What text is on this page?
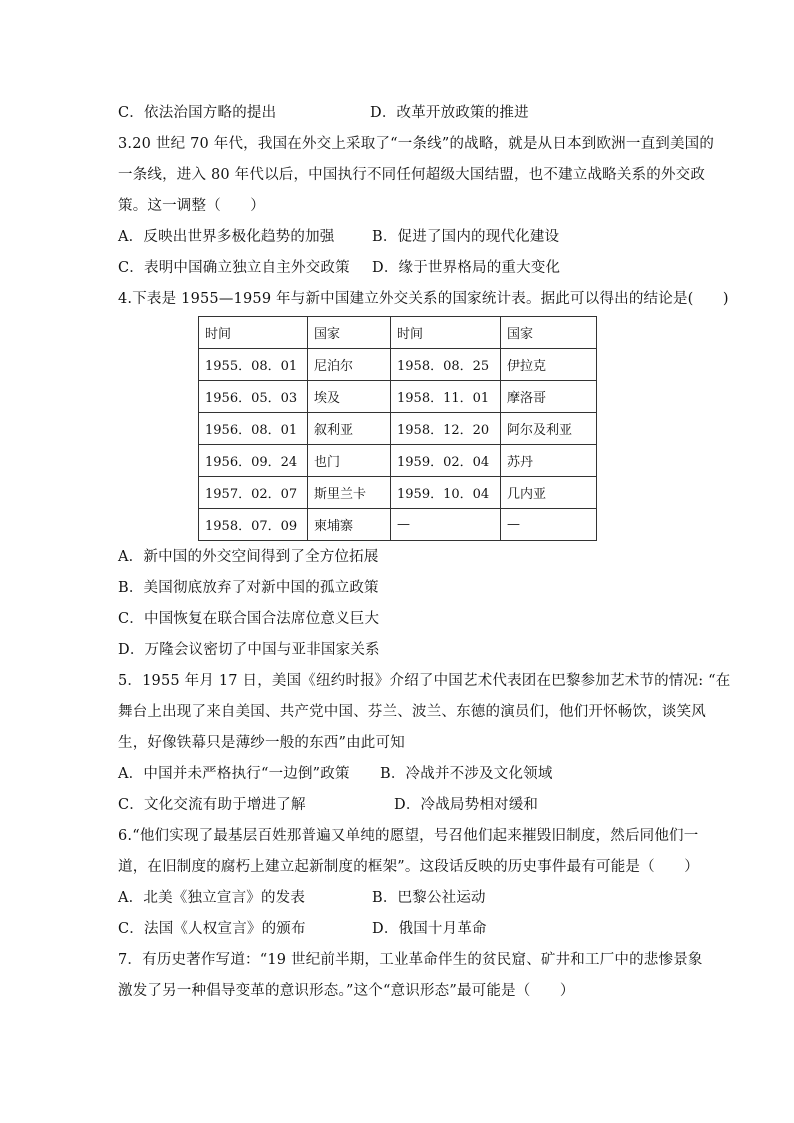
C．依法治国方略的提出	D．改革开放政策的推进
3.20 世纪 70 年代，我国在外交上采取了“一条线”的战略，就是从日本到欧洲一直到美国的
一条线，进入 80 年代以后，中国执行不同任何超级大国结盟，也不建立战略关系的外交政
策。这一调整（　　）
A．反映出世界多极化趋势的加强	B．促进了国内的现代化建设
C．表明中国确立独立自主外交政策 D．缘于世界格局的重大变化
4.下表是 1955—1959 年与新中国建立外交关系的国家统计表。据此可以得出的结论是(　　)
时间	国家	时间	国家
1955．08．01	尼泊尔	1958．08．25	伊拉克
1956．05．03	埃及	1958．11．01	摩洛哥
1956．08．01	叙利亚	1958．12．20	阿尔及利亚
1956．09．24	也门	1959．02．04	苏丹
1957．02．07	斯里兰卡	1959．10．04	几内亚
1958．07．09	柬埔寨	—	—
A．新中国的外交空间得到了全方位拓展
B．美国彻底放弃了对新中国的孤立政策
C．中国恢复在联合国合法席位意义巨大
D．万隆会议密切了中国与亚非国家关系
5．1955 年月 17 日，美国《纽约时报》介绍了中国艺术代表团在巴黎参加艺术节的情况: “在
舞台上出现了来自美国、共产党中国、芬兰、波兰、东德的演员们，他们开怀畅饮，谈笑风
生，好像铁幕只是薄纱一般的东西”由此可知
A．中国并未严格执行“一边倒”政策 B．冷战并不涉及文化领域
C．文化交流有助于增进了解	D．冷战局势相对缓和
6.“他们实现了最基层百姓那普遍又单纯的愿望，号召他们起来摧毁旧制度，然后同他们一
道，在旧制度的腐朽上建立起新制度的框架”。这段话反映的历史事件最有可能是（　　）
A．北美《独立宣言》的发表	B．巴黎公社运动
C．法国《人权宣言》的颁布	D．俄国十月革命
7．有历史著作写道：“19 世纪前半期，工业革命伴生的贫民窟、矿井和工厂中的悲惨景象
激发了另一种倡导变革的意识形态。”这个“意识形态”最可能是（　　）
